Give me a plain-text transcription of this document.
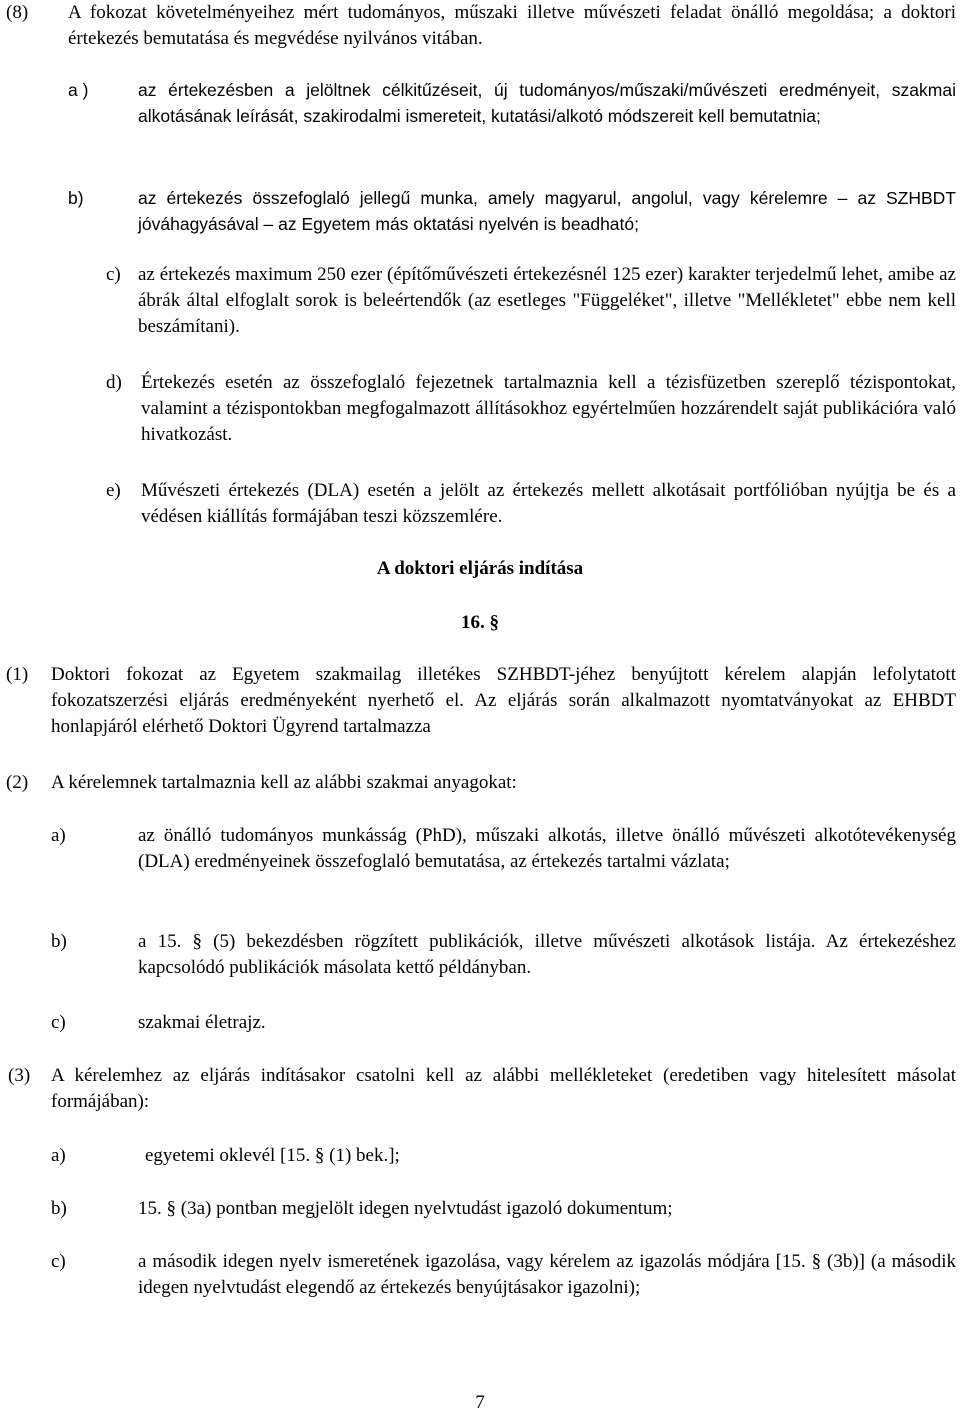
(8) A fokozat követelményeihez mért tudományos, műszaki illetve művészeti feladat önálló megoldása; a doktori értekezés bemutatása és megvédése nyilvános vitában.
a )	az értekezésben a jelöltnek célkitűzéseit, új tudományos/műszaki/művészeti eredményeit, szakmai alkotásának leírását, szakirodalmi ismereteit, kutatási/alkotó módszereit kell bemutatnia;
b)	az értekezés összefoglaló jellegű munka, amely magyarul, angolul, vagy kérelemre – az SZHBDT jóváhagyásával – az Egyetem más oktatási nyelvén is beadható;
c) az értekezés maximum 250 ezer (építőművészeti értekezésnél 125 ezer) karakter terjedelmű lehet, amibe az ábrák által elfoglalt sorok is beleértendők (az esetleges "Függeléket", illetve "Mellékletet" ebbe nem kell beszámítani).
d) Értekezés esetén az összefoglaló fejezetnek tartalmaznia kell a tézisfüzetben szereplő tézispontokat, valamint a tézispontokban megfogalmazott állításokhoz egyértelműen hozzárendelt saját publikációra való hivatkozást.
e) Művészeti értekezés (DLA) esetén a jelölt az értekezés mellett alkotásait portfólióban nyújtja be és a védésen kiállítás formájában teszi közszemlére.
A doktori eljárás indítása
16. §
(1) Doktori fokozat az Egyetem szakmailag illetékes SZHBDT-jéhez benyújtott kérelem alapján lefolytatott fokozatszerzési eljárás eredményeként nyerhető el. Az eljárás során alkalmazott nyomtatványokat az EHBDT honlapjáról elérhető Doktori Ügyrend tartalmazza
(2) A kérelemnek tartalmaznia kell az alábbi szakmai anyagokat:
a)	az önálló tudományos munkásság (PhD), műszaki alkotás, illetve önálló művészeti alkotótevékenység (DLA) eredményeinek összefoglaló bemutatása, az értekezés tartalmi vázlata;
b)	a 15. § (5) bekezdésben rögzített publikációk, illetve művészeti alkotások listája. Az értekezéshez kapcsolódó publikációk másolata kettő példányban.
c)	szakmai életrajz.
(3) A kérelemhez az eljárás indításakor csatolni kell az alábbi mellékleteket (eredetiben vagy hitelesített másolat formájában):
a)	egyetemi oklevél [15. § (1) bek.];
b)	15. § (3a) pontban megjelölt idegen nyelvtudást igazoló dokumentum;
c)	a második idegen nyelv ismeretének igazolása, vagy kérelem az igazolás módjára [15. § (3b)] (a második idegen nyelvtudást elegendő az értekezés benyújtásakor igazolni);
7
